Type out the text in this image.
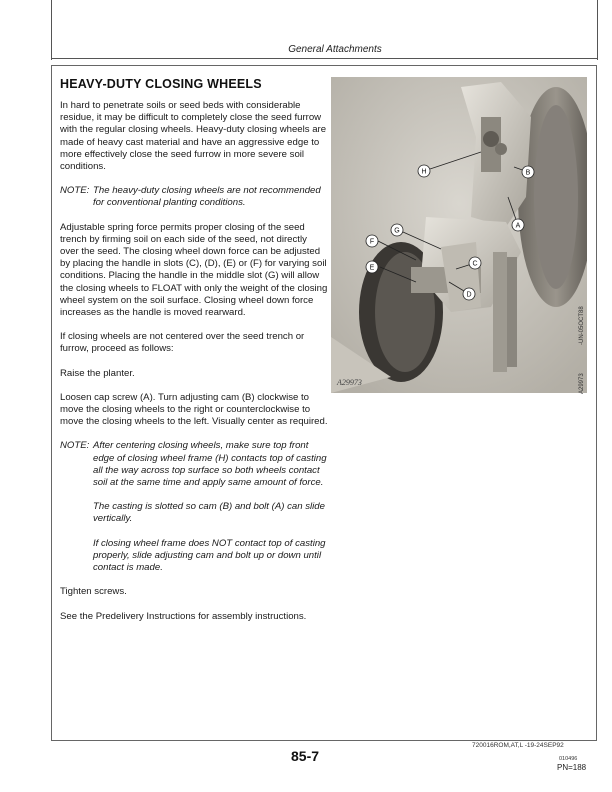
General Attachments
HEAVY-DUTY CLOSING WHEELS

In hard to penetrate soils or seed beds with considerable residue, it may be difficult to completely close the seed furrow with the regular closing wheels. Heavy-duty closing wheels are made of heavy cast material and have an aggressive edge to more effectively close the seed furrow in more severe soil conditions.

NOTE: The heavy-duty closing wheels are not recommended for conventional planting conditions.

Adjustable spring force permits proper closing of the seed trench by firming soil on each side of the seed, not directly over the seed. The closing wheel down force can be adjusted by placing the handle in slots (C), (D), (E) or (F) for varying soil conditions. Placing the handle in the middle slot (G) will allow the closing wheels to FLOAT with only the weight of the closing wheel system on the soil surface. Closing wheel down force increases as the handle is moved rearward.

If closing wheels are not centered over the seed trench or furrow, proceed as follows:

Raise the planter.

Loosen cap screw (A). Turn adjusting cam (B) clockwise to move the closing wheels to the right or counterclockwise to move the closing wheels to the left. Visually center as required.

NOTE: After centering closing wheels, make sure top front edge of closing wheel frame (H) contacts top of casting all the way across top surface so both wheels contact soil at the same time and apply same amount of force.
The casting is slotted so cam (B) and bolt (A) can slide vertically.
If closing wheel frame does NOT contact top of casting properly, slide adjusting cam and bolt up or down until contact is made.

Tighten screws.

See the Predelivery Instructions for assembly instructions.

A
B
C
D
E
F
G
H
A29973
-UN-05OCT88
A29973
720016ROM,AT,L -19-24SEP92
85-7	010496
PN=188
